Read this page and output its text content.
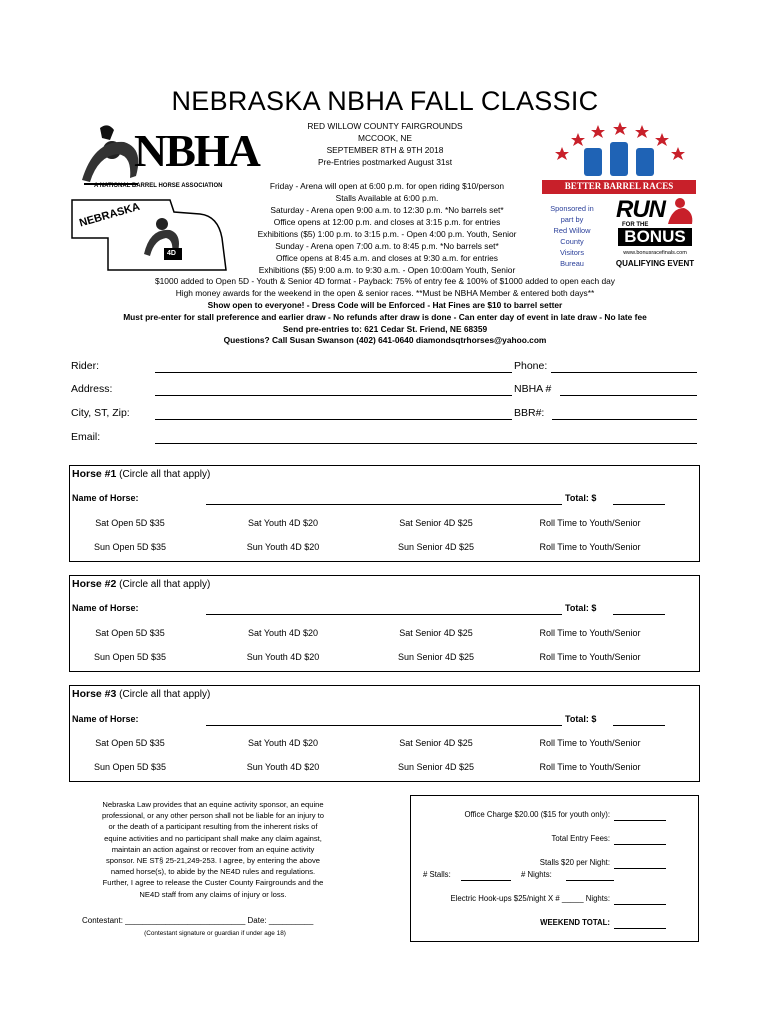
NEBRASKA NBHA FALL CLASSIC
RED WILLOW COUNTY FAIRGROUNDS
MCCOOK, NE
SEPTEMBER 8TH & 9TH 2018
Pre-Entries postmarked August 31st
NBHA
A NATIONAL BARREL HORSE ASSOCIATION
NEBRASKA
4D
BETTER BARREL RACES
Sponsored in
part by
Red Willow
County
Visitors
Bureau
RUN
FOR THE
BONUS
www.bonusracefinals.com
QUALIFYING EVENT
Friday - Arena will open at 6:00 p.m. for open riding $10/person
Stalls Available at 6:00 p.m.
Saturday - Arena open 9:00 a.m. to 12:30 p.m. *No barrels set*
Office opens at 12:00 p.m. and closes at 3:15 p.m. for entries
Exhibitions ($5) 1:00 p.m. to 3:15 p.m. - Open 4:00 p.m. Youth, Senior
Sunday - Arena open 7:00 a.m. to 8:45 p.m. *No barrels set*
Office opens at 8:45 a.m. and closes at 9:30 a.m. for entries
Exhibitions ($5) 9:00 a.m. to 9:30 a.m. - Open 10:00am Youth, Senior
$1000 added to Open 5D - Youth & Senior 4D format - Payback: 75% of entry fee & 100% of $1000 added to open each day
High money awards for the weekend in the open & senior races. **Must be NBHA Member & entered both days**
Show open to everyone! - Dress Code will be Enforced - Hat Fines are $10 to barrel setter
Must pre-enter for stall preference and earlier draw - No refunds after draw is done - Can enter day of event in late draw - No late fee
Send pre-entries to: 621 Cedar St. Friend, NE 68359
Questions? Call Susan Swanson (402) 641-0640 diamondsqtrhorses@yahoo.com
Rider:	Phone:
Address:	NBHA #
City, ST, Zip:	BBR#:
Email:
Horse #1 (Circle all that apply)
Name of Horse:	Total: $
Sat Open 5D $35	Sat Youth 4D $20	Sat Senior 4D $25	Roll Time to Youth/Senior
Sun Open 5D $35	Sun Youth 4D $20	Sun Senior 4D $25	Roll Time to Youth/Senior
Horse #2 (Circle all that apply)
Name of Horse:	Total: $
Sat Open 5D $35	Sat Youth 4D $20	Sat Senior 4D $25	Roll Time to Youth/Senior
Sun Open 5D $35	Sun Youth 4D $20	Sun Senior 4D $25	Roll Time to Youth/Senior
Horse #3 (Circle all that apply)
Name of Horse:	Total: $
Sat Open 5D $35	Sat Youth 4D $20	Sat Senior 4D $25	Roll Time to Youth/Senior
Sun Open 5D $35	Sun Youth 4D $20	Sun Senior 4D $25	Roll Time to Youth/Senior
Nebraska Law provides that an equine activity sponsor, an equine
professional, or any other person shall not be liable for an injury to
or the death of a participant resulting from the inherent risks of
equine activities and no participant shall make any claim against,
maintain an action against or recover from an equine activity
sponsor. NE ST§ 25-21,249-253. I agree, by entering the above
named horse(s), to abide by the NE4D rules and regulations.
Further, I agree to release the Custer County Fairgrounds and the
NE4D staff from any claims of injury or loss.
Contestant: ___________________________ Date: __________
(Contestant signature or guardian if under age 18)
Office Charge $20.00 ($15 for youth only):
Total Entry Fees:
Stalls $20 per Night:
# Stalls:	# Nights:
Electric Hook-ups $25/night X # _____ Nights:
WEEKEND TOTAL:
